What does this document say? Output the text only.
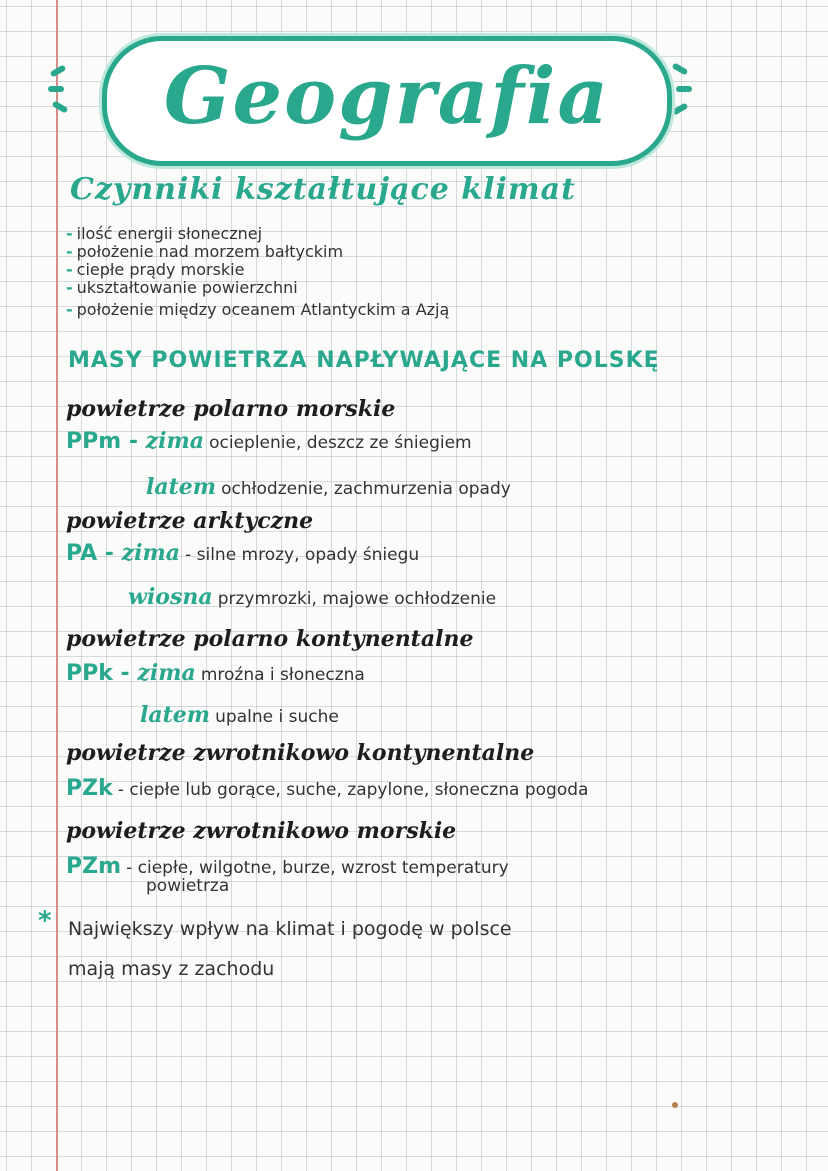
Geografia
Czynniki kształtujące klimat
- ilość energii słonecznej
- położenie nad morzem bałtyckim
- ciepłe prądy morskie
- ukształtowanie powierzchni
- położenie między oceanem Atlantyckim a Azją
MASY POWIETRZA NAPŁYWAJĄCE NA POLSKĘ
powietrze polarno morskie
PPm - zima ocieplenie, deszcz ze śniegiem
latem ochłodzenie, zachmurzenia opady
powietrze arktyczne
PA - zima - silne mrozy, opady śniegu
wiosna przymrozki, majowe ochłodzenie
powietrze polarno kontynentalne
PPk - zima mroźna i słoneczna
latem upalne i suche
powietrze zwrotnikowo kontynentalne
PZk - ciepłe lub gorące, suche, zapylone, słoneczna pogoda
powietrze zwrotnikowo morskie
PZm - ciepłe, wilgotne, burze, wzrost temperatury
powietrza
* Największy wpływ na klimat i pogodę w polsce
mają masy z zachodu
